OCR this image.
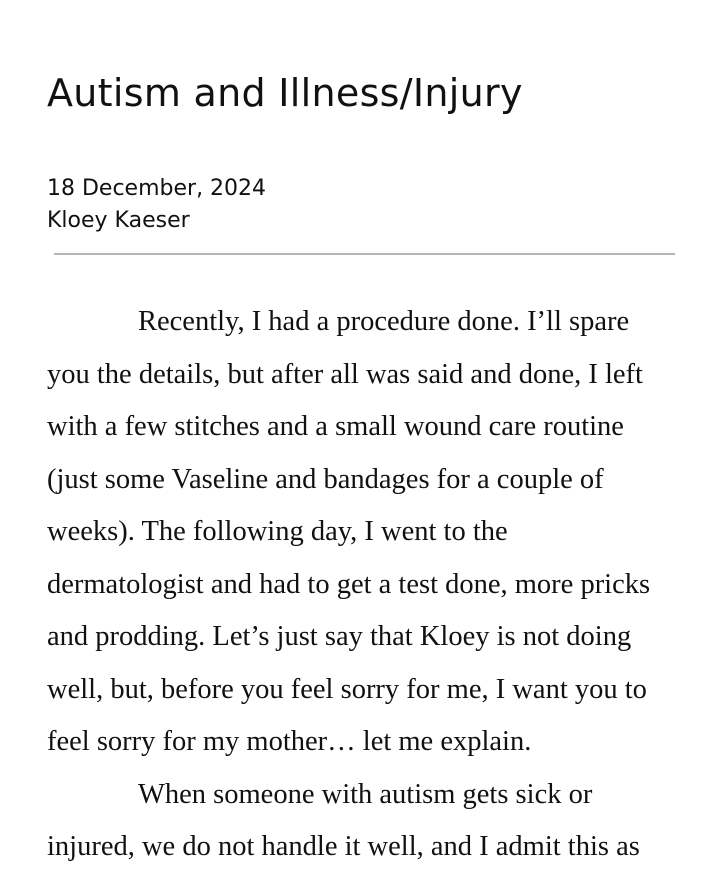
Autism and Illness/Injury
18 December, 2024
Kloey Kaeser
Recently, I had a procedure done. I’ll spare
you the details, but after all was said and done, I left
with a few stitches and a small wound care routine
(just some Vaseline and bandages for a couple of
weeks). The following day, I went to the
dermatologist and had to get a test done, more pricks
and prodding. Let’s just say that Kloey is not doing
well, but, before you feel sorry for me, I want you to
feel sorry for my mother… let me explain.
When someone with autism gets sick or
injured, we do not handle it well, and I admit this as
